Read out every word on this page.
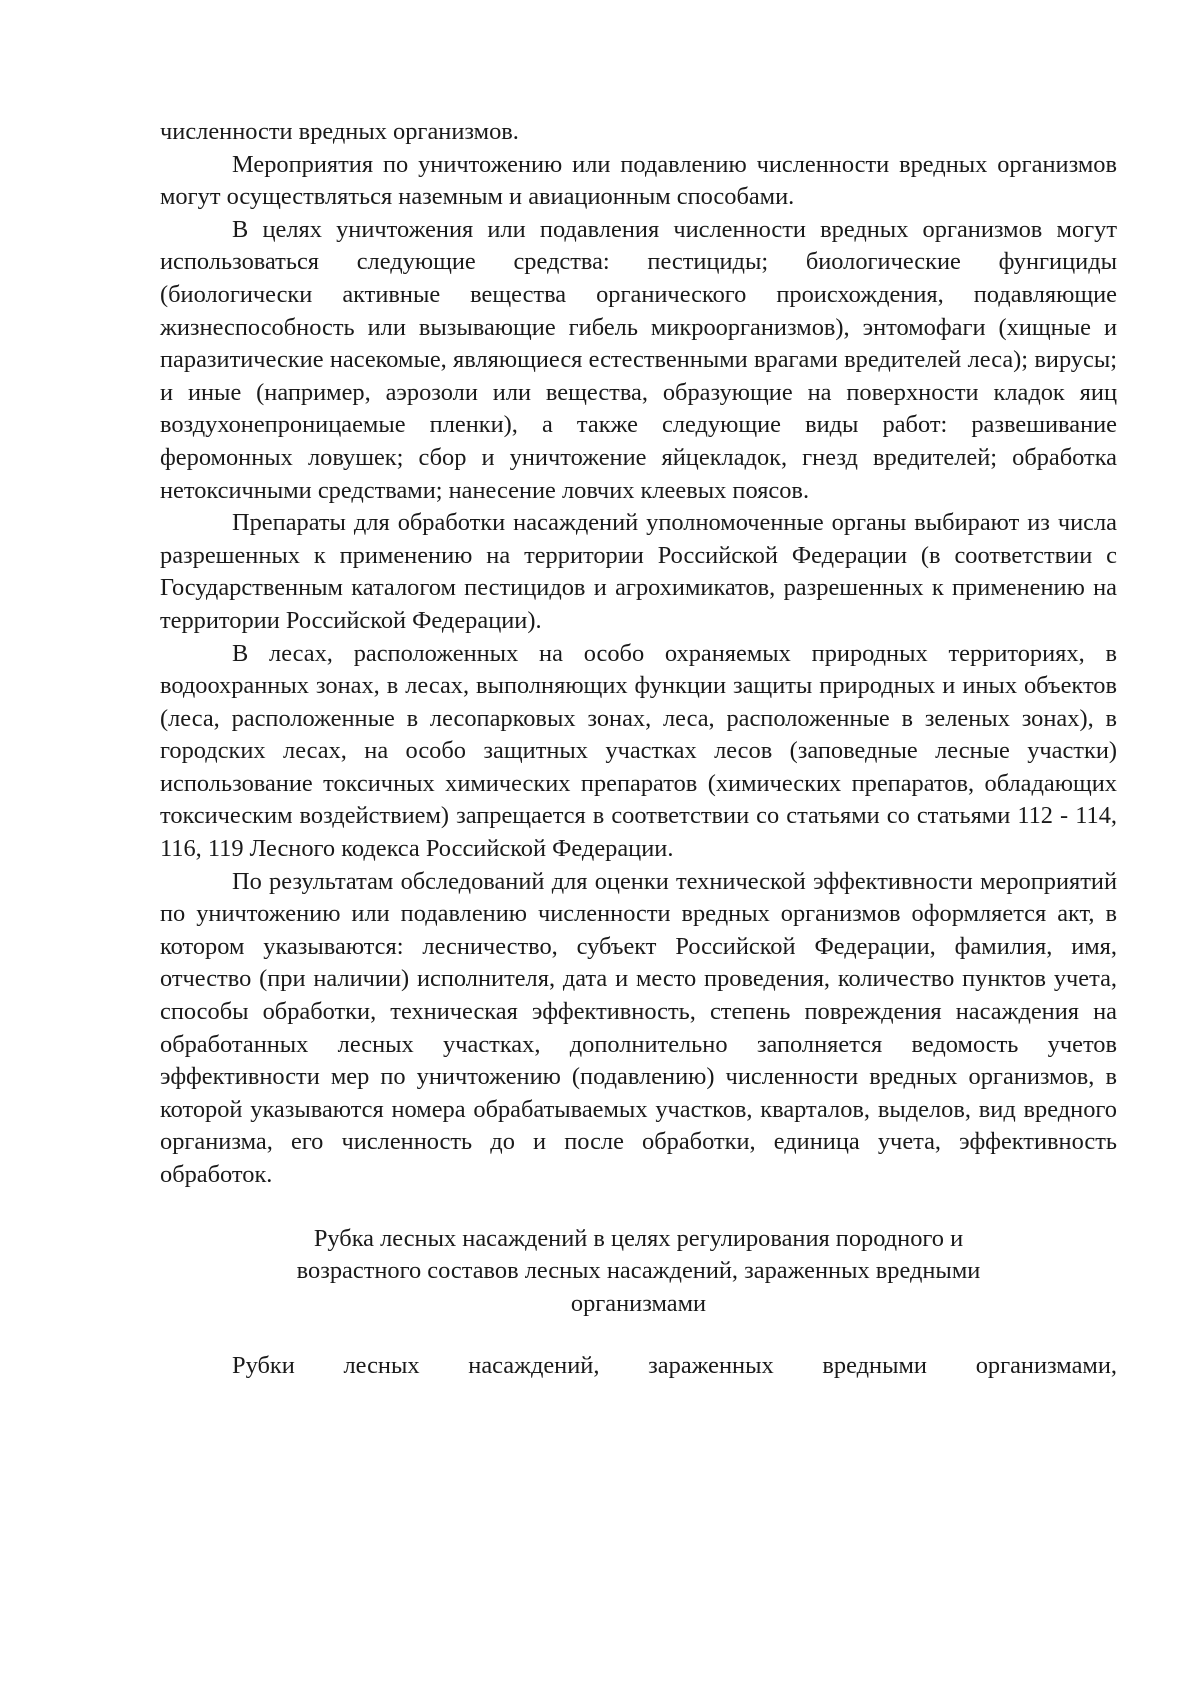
численности вредных организмов.

Мероприятия по уничтожению или подавлению численности вредных организмов могут осуществляться наземным и авиационным способами.

В целях уничтожения или подавления численности вредных организмов могут использоваться следующие средства: пестициды; биологические фунгициды (биологически активные вещества органического происхождения, подавляющие жизнеспособность или вызывающие гибель микроорганизмов), энтомофаги (хищные и паразитические насекомые, являющиеся естественными врагами вредителей леса); вирусы; и иные (например, аэрозоли или вещества, образующие на поверхности кладок яиц воздухонепроницаемые пленки), а также следующие виды работ: развешивание феромонных ловушек; сбор и уничтожение яйцекладок, гнезд вредителей; обработка нетоксичными средствами; нанесение ловчих клеевых поясов.

Препараты для обработки насаждений уполномоченные органы выбирают из числа разрешенных к применению на территории Российской Федерации (в соответствии с Государственным каталогом пестицидов и агрохимикатов, разрешенных к применению на территории Российской Федерации).

В лесах, расположенных на особо охраняемых природных территориях, в водоохранных зонах, в лесах, выполняющих функции защиты природных и иных объектов (леса, расположенные в лесопарковых зонах, леса, расположенные в зеленых зонах), в городских лесах, на особо защитных участках лесов (заповедные лесные участки) использование токсичных химических препаратов (химических препаратов, обладающих токсическим воздействием) запрещается в соответствии со статьями со статьями 112 - 114, 116, 119 Лесного кодекса Российской Федерации.

По результатам обследований для оценки технической эффективности мероприятий по уничтожению или подавлению численности вредных организмов оформляется акт, в котором указываются: лесничество, субъект Российской Федерации, фамилия, имя, отчество (при наличии) исполнителя, дата и место проведения, количество пунктов учета, способы обработки, техническая эффективность, степень повреждения насаждения на обработанных лесных участках, дополнительно заполняется ведомость учетов эффективности мер по уничтожению (подавлению) численности вредных организмов, в которой указываются номера обрабатываемых участков, кварталов, выделов, вид вредного организма, его численность до и после обработки, единица учета, эффективность обработок.

Рубка лесных насаждений в целях регулирования породного и
возрастного составов лесных насаждений, зараженных вредными
организмами

Рубки лесных насаждений, зараженных вредными организмами,
